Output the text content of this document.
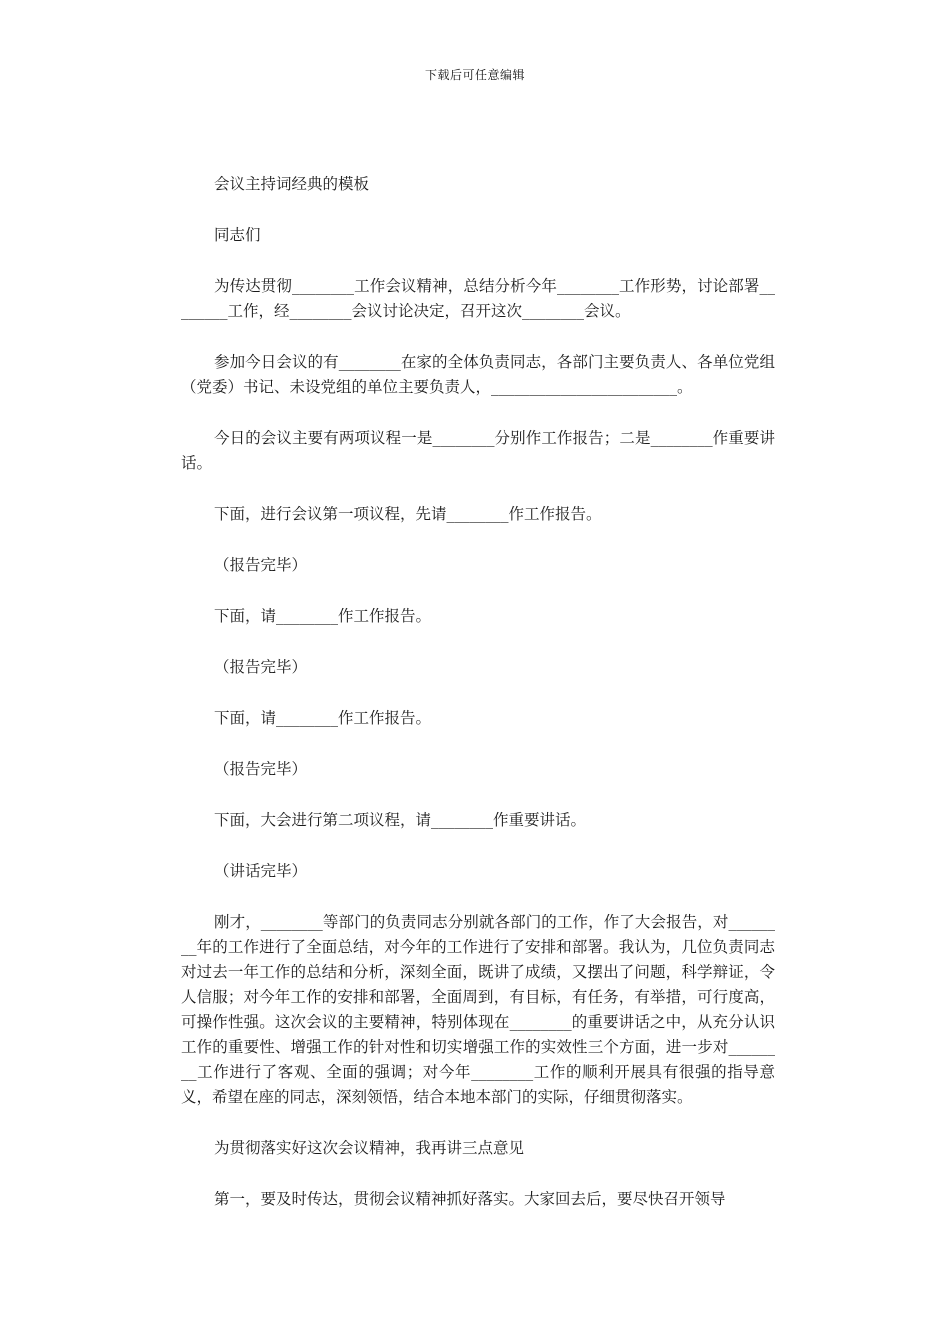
下载后可任意编辑

会议主持词经典的模板

同志们

为传达贯彻________工作会议精神，总结分析今年________工作形势，讨论部署________工作，经________会议讨论决定，召开这次________会议。

参加今日会议的有________在家的全体负责同志，各部门主要负责人、各单位党组（党委）书记、未设党组的单位主要负责人，________________________。

今日的会议主要有两项议程一是________分别作工作报告；二是________作重要讲话。

下面，进行会议第一项议程，先请________作工作报告。

（报告完毕）

下面，请________作工作报告。

（报告完毕）

下面，请________作工作报告。

（报告完毕）

下面，大会进行第二项议程，请________作重要讲话。

（讲话完毕）

刚才，________等部门的负责同志分别就各部门的工作，作了大会报告，对________年的工作进行了全面总结，对今年的工作进行了安排和部署。我认为，几位负责同志对过去一年工作的总结和分析，深刻全面，既讲了成绩，又摆出了问题，科学辩证，令人信服；对今年工作的安排和部署，全面周到，有目标，有任务，有举措，可行度高，可操作性强。这次会议的主要精神，特别体现在________的重要讲话之中，从充分认识工作的重要性、增强工作的针对性和切实增强工作的实效性三个方面，进一步对________工作进行了客观、全面的强调；对今年________工作的顺利开展具有很强的指导意义，希望在座的同志，深刻领悟，结合本地本部门的实际，仔细贯彻落实。

为贯彻落实好这次会议精神，我再讲三点意见

第一，要及时传达，贯彻会议精神抓好落实。大家回去后，要尽快召开领导
